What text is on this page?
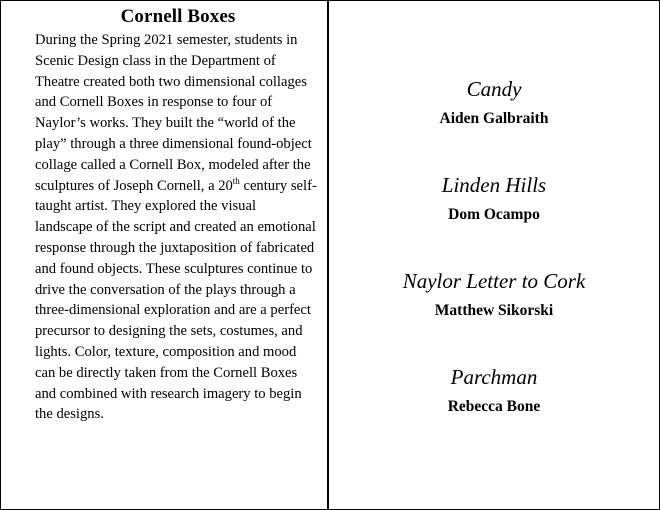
Cornell Boxes

During the Spring 2021 semester, students in Scenic Design class in the Department of Theatre created both two dimensional collages and Cornell Boxes in response to four of Naylor’s works. They built the “world of the play” through a three dimensional found-object collage called a Cornell Box, modeled after the sculptures of Joseph Cornell, a 20th century self-taught artist. They explored the visual landscape of the script and created an emotional response through the juxtaposition of fabricated and found objects. These sculptures continue to drive the conversation of the plays through a three-dimensional exploration and are a perfect precursor to designing the sets, costumes, and lights. Color, texture, composition and mood can be directly taken from the Cornell Boxes and combined with research imagery to begin the designs.

Candy
Aiden Galbraith
Linden Hills
Dom Ocampo
Naylor Letter to Cork
Matthew Sikorski
Parchman
Rebecca Bone
